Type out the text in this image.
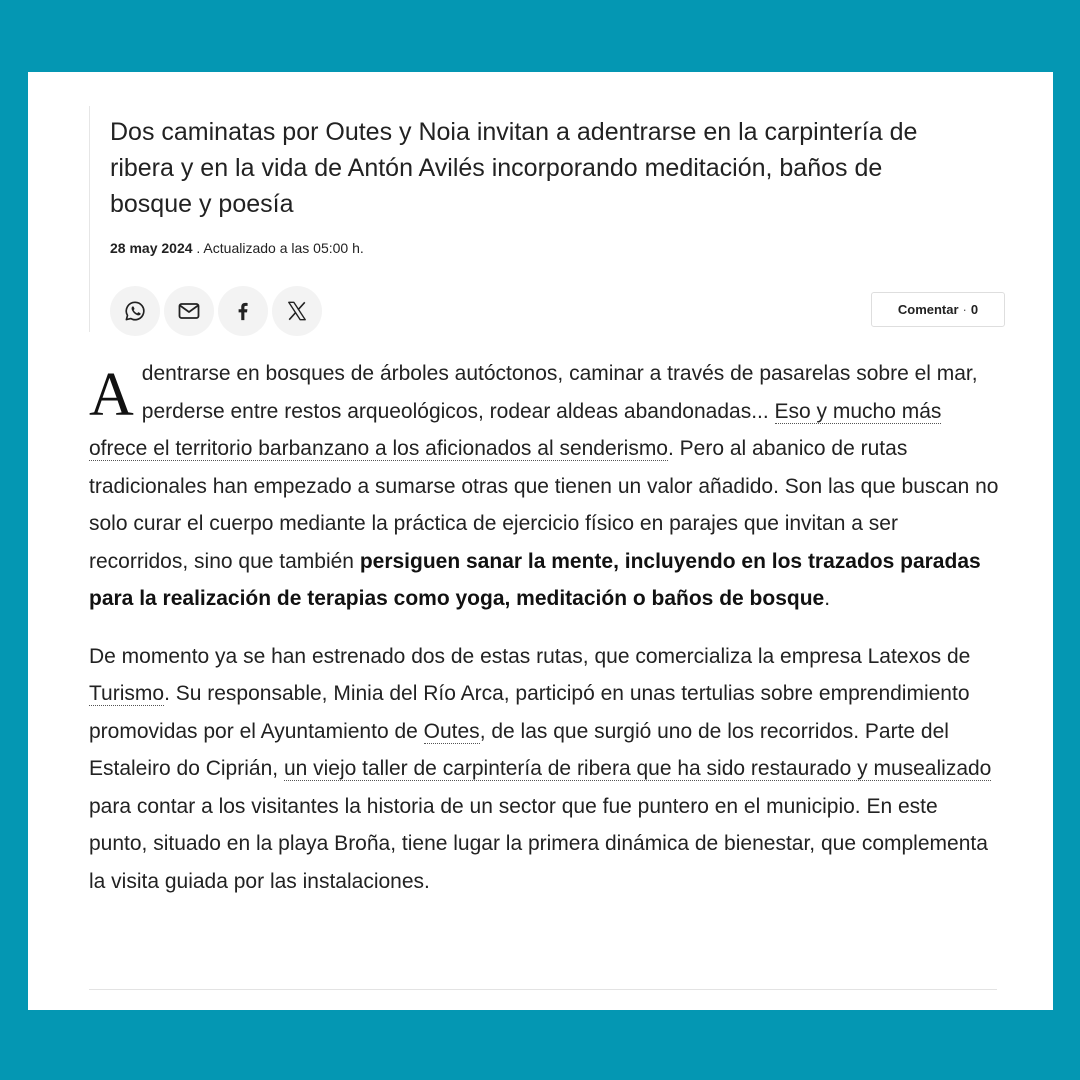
Dos caminatas por Outes y Noia invitan a adentrarse en la carpintería de ribera y en la vida de Antón Avilés incorporando meditación, baños de bosque y poesía
28 may 2024 . Actualizado a las 05:00 h.
Comentar · 0

Adentrarse en bosques de árboles autóctonos, caminar a través de pasarelas sobre el mar, perderse entre restos arqueológicos, rodear aldeas abandonadas... Eso y mucho más ofrece el territorio barbanzano a los aficionados al senderismo. Pero al abanico de rutas tradicionales han empezado a sumarse otras que tienen un valor añadido. Son las que buscan no solo curar el cuerpo mediante la práctica de ejercicio físico en parajes que invitan a ser recorridos, sino que también persiguen sanar la mente, incluyendo en los trazados paradas para la realización de terapias como yoga, meditación o baños de bosque.

De momento ya se han estrenado dos de estas rutas, que comercializa la empresa Latexos de Turismo. Su responsable, Minia del Río Arca, participó en unas tertulias sobre emprendimiento promovidas por el Ayuntamiento de Outes, de las que surgió uno de los recorridos. Parte del Estaleiro do Ciprián, un viejo taller de carpintería de ribera que ha sido restaurado y musealizado para contar a los visitantes la historia de un sector que fue puntero en el municipio. En este punto, situado en la playa Broña, tiene lugar la primera dinámica de bienestar, que complementa la visita guiada por las instalaciones.
